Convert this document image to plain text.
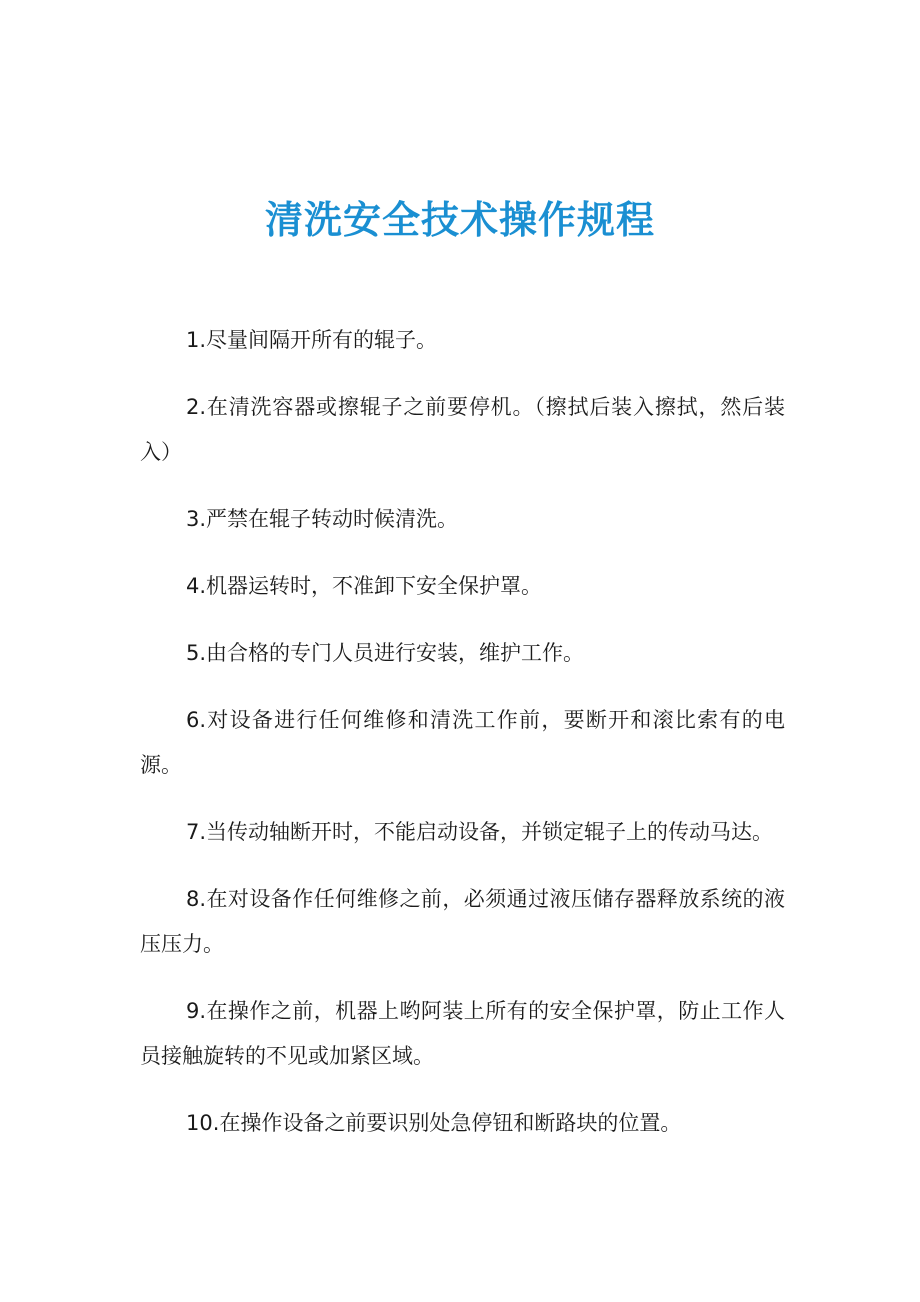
清洗安全技术操作规程
1.尽量间隔开所有的辊子。
2.在清洗容器或擦辊子之前要停机。（擦拭后装入擦拭，然后装入）
3.严禁在辊子转动时候清洗。
4.机器运转时，不准卸下安全保护罩。
5.由合格的专门人员进行安装，维护工作。
6.对设备进行任何维修和清洗工作前，要断开和滚比索有的电源。
7.当传动轴断开时，不能启动设备，并锁定辊子上的传动马达。
8.在对设备作任何维修之前，必须通过液压储存器释放系统的液压压力。
9.在操作之前，机器上哟阿装上所有的安全保护罩，防止工作人员接触旋转的不见或加紧区域。
10.在操作设备之前要识别处急停钮和断路块的位置。
